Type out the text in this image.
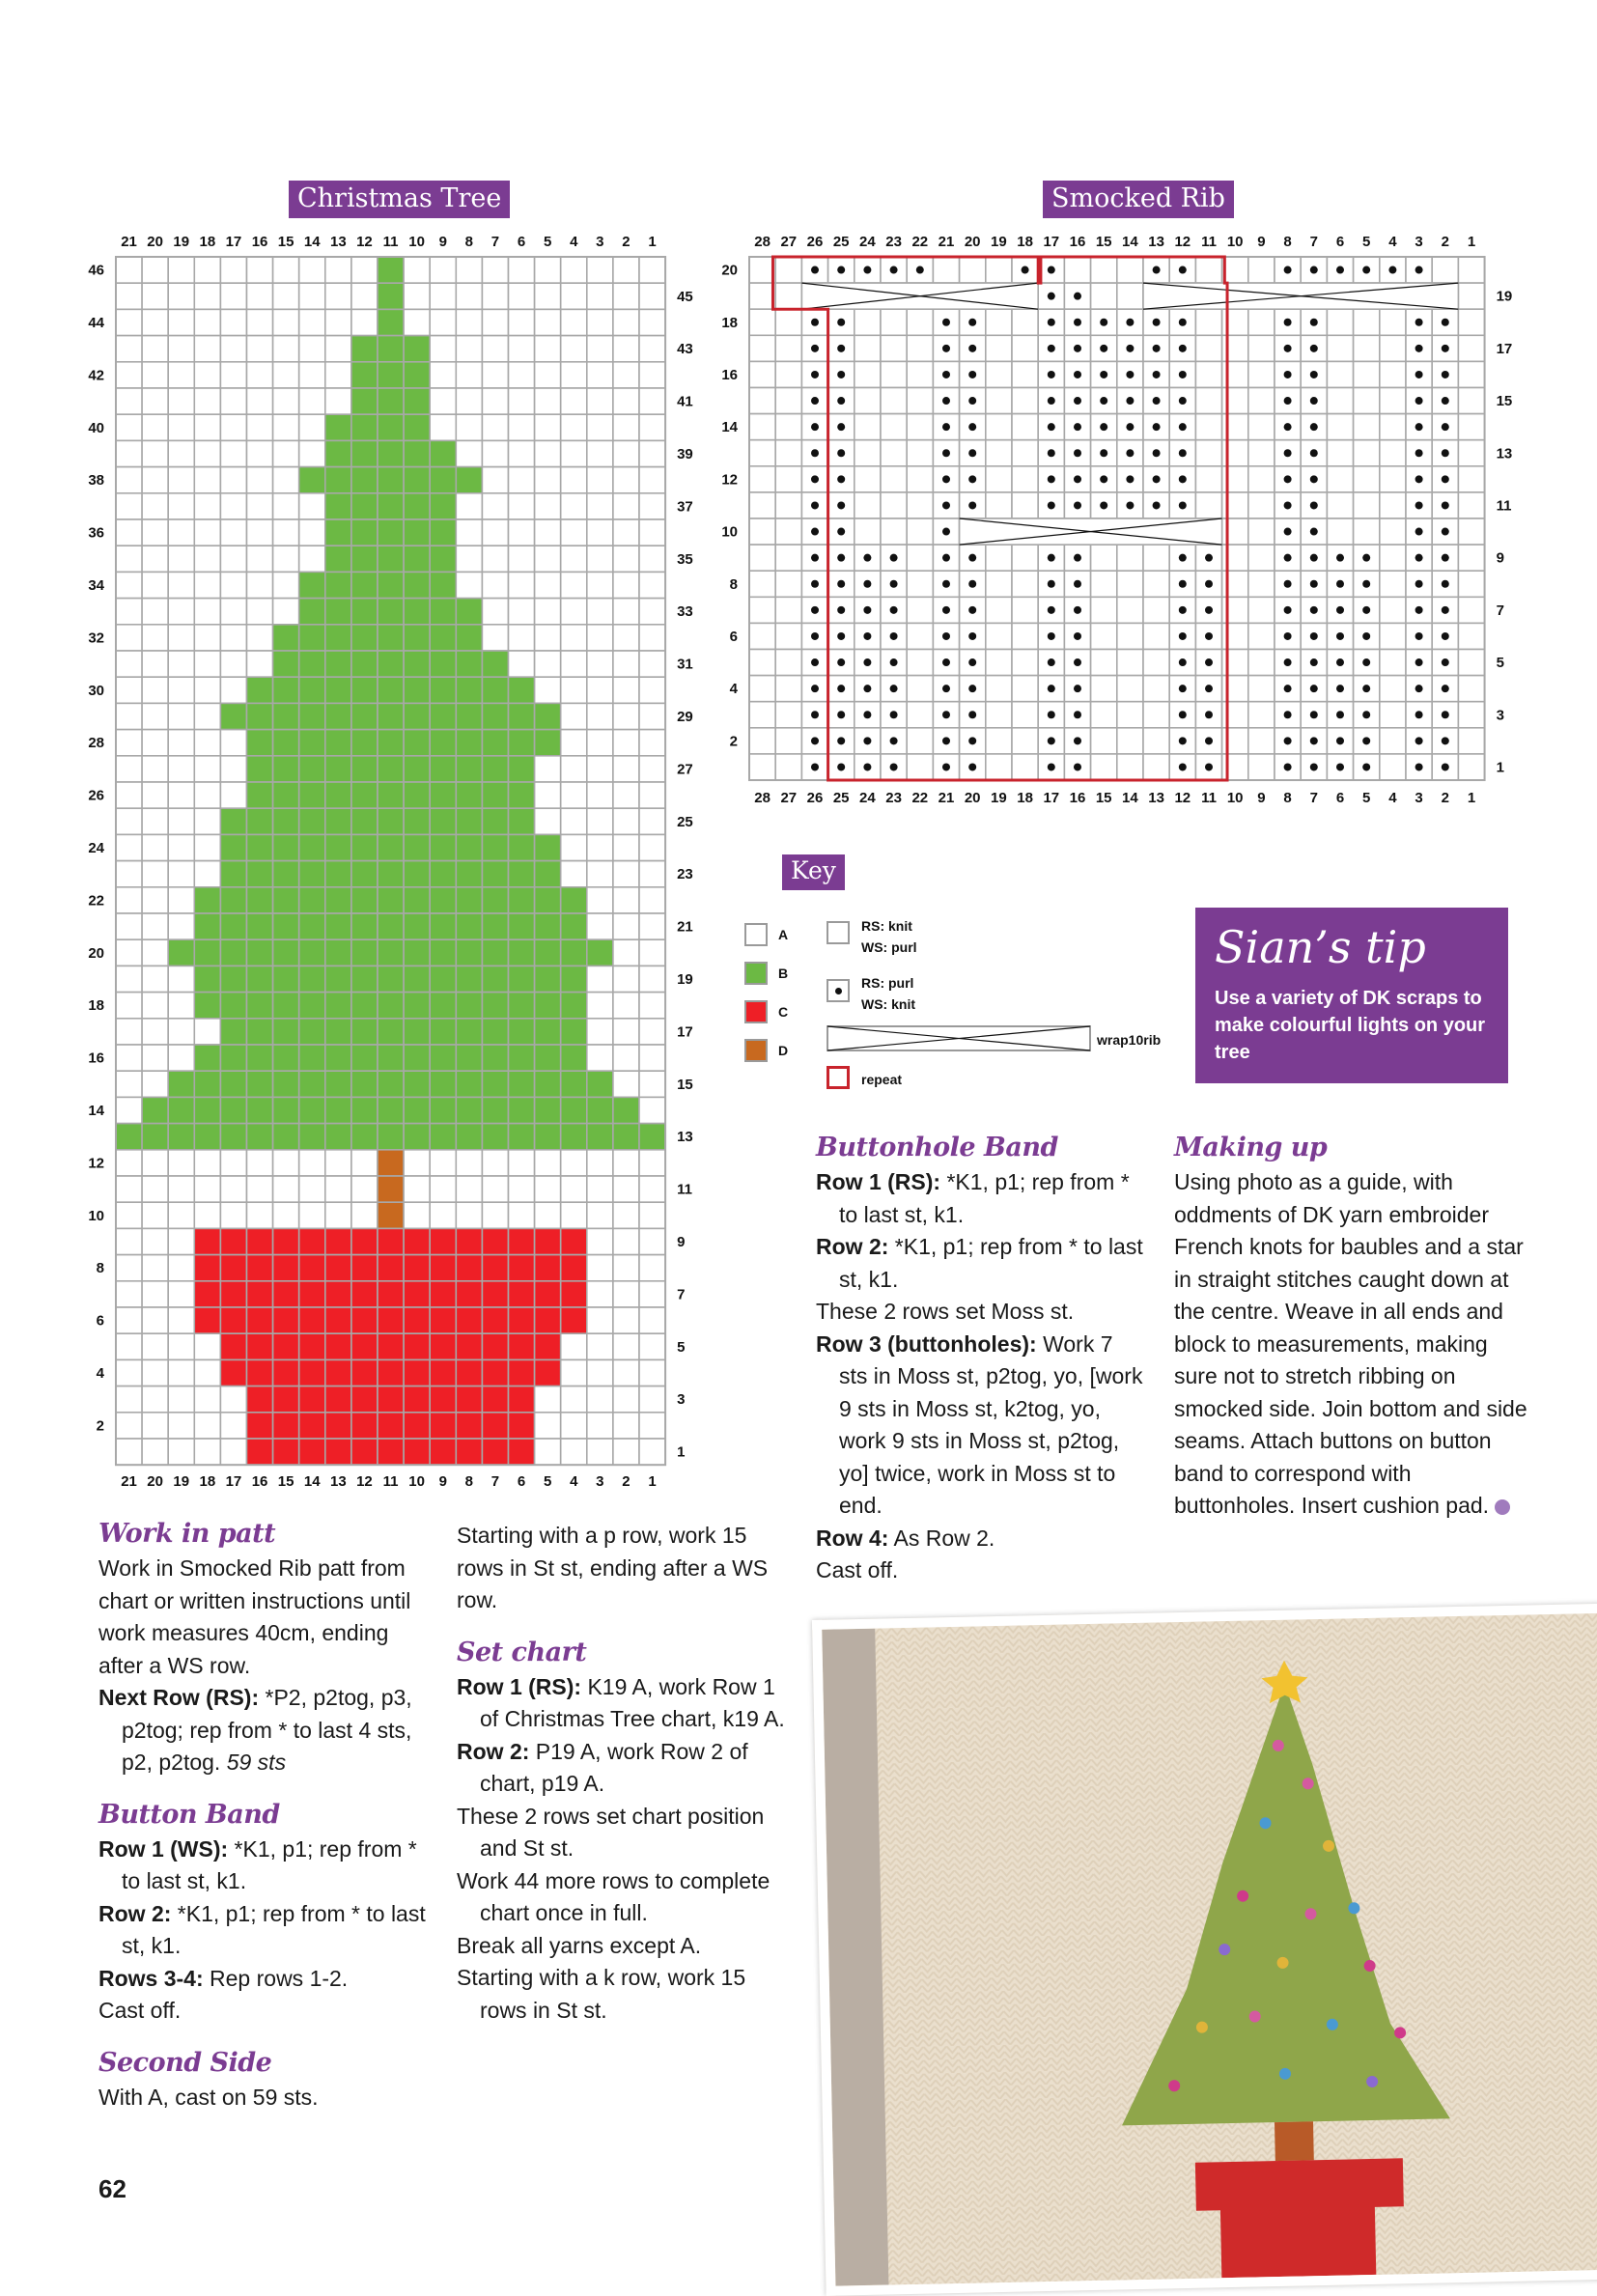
Christmas Tree	Smocked Rib
21
21
20
20
19
19
18
18
17
17
16
16
15
15
14
14
13
13
12
12
11
11
10
10
9
9
8
8
7
7
6
6
5
5
4
4
3
3
2
2
1
1
1
2
3
4
5
6
7
8
9
10
11
12
13
14
15
16
17
18
19
20
21
22
23
24
25
26
27
28
29
30
31
32
33
34
35
36
37
38
39
40
41
42
43
44
45
46
28
28
27
27
26
26
25
25
24
24
23
23
22
22
21
21
20
20
19
19
18
18
17
17
16
16
15
15
14
14
13
13
12
12
11
11
10
10
9
9
8
8
7
7
6
6
5
5
4
4
3
3
2
2
1
1
1
2
3
4
5
6
7
8
9
10
11
12
13
14
15
16
17
18
19
20
Key
A
B
C
D
RS: knit
WS: purl
RS: purl
WS: knit
wrap10rib
repeat
Sian’s tip
Use a variety of DK scraps to make colourful lights on your tree

Buttonhole Band

Row 1 (RS): *K1, p1; rep from * to last st, k1.

Row 2: *K1, p1; rep from * to last st, k1.

These 2 rows set Moss st.

Row 3 (buttonholes): Work 7 sts in Moss st, p2tog, yo, [work 9 sts in Moss st, k2tog, yo, work 9 sts in Moss st, p2tog, yo] twice, work in Moss st to end.

Row 4: As Row 2.

Cast off.

Making up

Using photo as a guide, with oddments of DK yarn embroider French knots for baubles and a star in straight stitches caught down at the centre. Weave in all ends and block to measurements, making sure not to stretch ribbing on smocked side. Join bottom and side seams. Attach buttons on button band to correspond with buttonholes. Insert cushion pad.

Work in patt

Work in Smocked Rib patt from chart or written instructions until work measures 40cm, ending after a WS row.

Next Row (RS): *P2, p2tog, p3, p2tog; rep from * to last 4 sts, p2, p2tog. 59 sts

Button Band

Row 1 (WS): *K1, p1; rep from * to last st, k1.

Row 2: *K1, p1; rep from * to last st, k1.

Rows 3-4: Rep rows 1-2.

Cast off.

Second Side

With A, cast on 59 sts.

Starting with a p row, work 15 rows in St st, ending after a WS row.

Set chart

Row 1 (RS): K19 A, work Row 1 of Christmas Tree chart, k19 A.

Row 2: P19 A, work Row 2 of chart, p19 A.

These 2 rows set chart position and St st.

Work 44 more rows to complete chart once in full.

Break all yarns except A.

Starting with a k row, work 15 rows in St st.

62
